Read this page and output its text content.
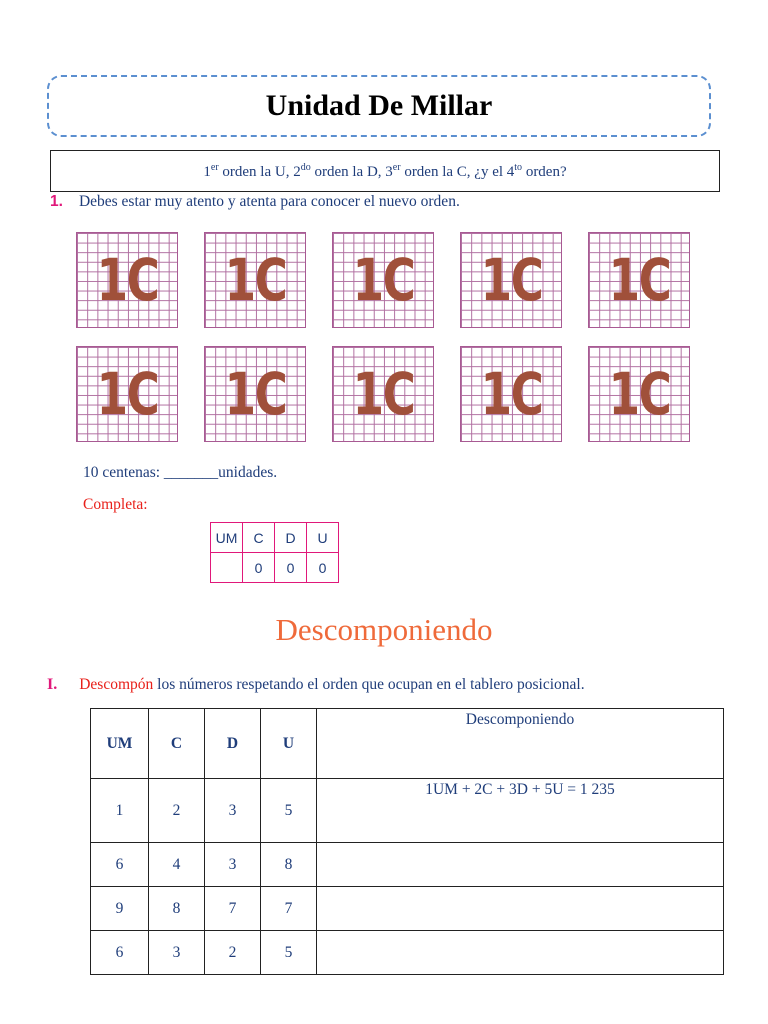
Unidad De Millar
1er orden la U, $2^{do}$ orden la D, 3er orden la C, ¿y el $4^{to}$ orden?
1. Debes estar muy atento y atenta para conocer el nuevo orden.
1C 1C 1C 1C 1C
1C 1C 1C 1C 1C
10 centenas: _______unidades.
Completa:
UM	C	D	U
	0	0	0
Descomponiendo
I. Descompón los números respetando el orden que ocupan en el tablero posicional.
UM	C	D	U	Descomponiendo
1	2	3	5	1UM + 2C + 3D + 5U = 1 235
6	4	3	8	
9	8	7	7	
6	3	2	5	
